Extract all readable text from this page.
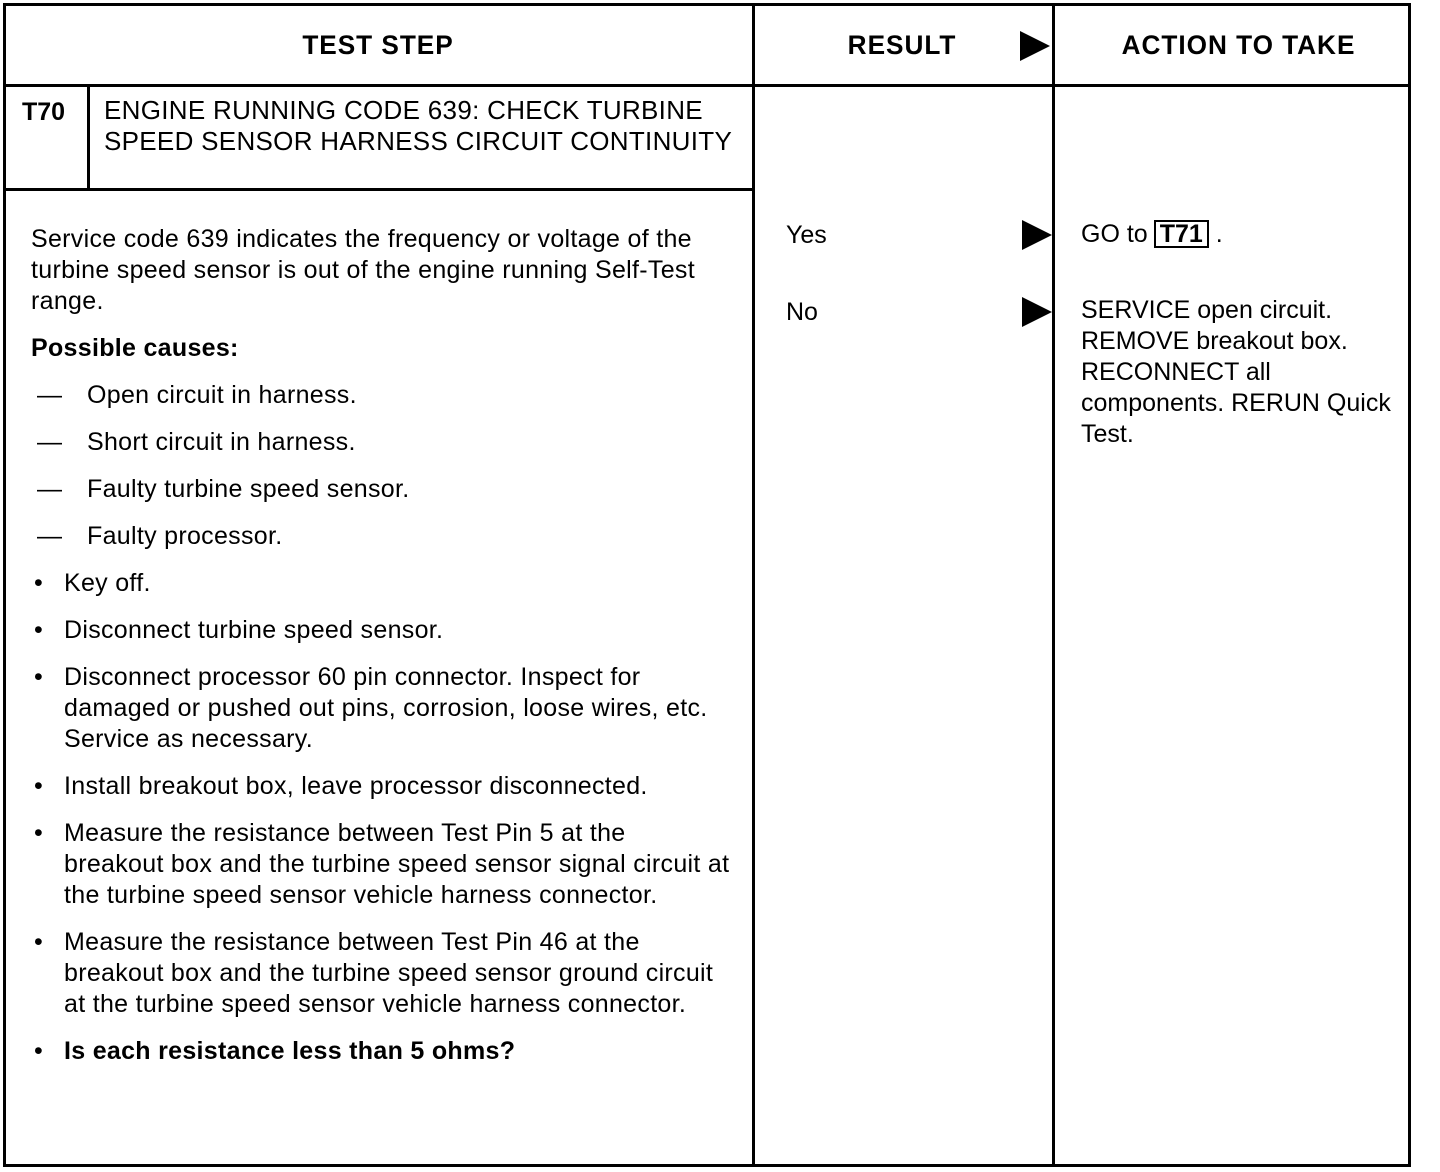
TEST STEP	RESULT	ACTION TO TAKE
T70 ENGINE RUNNING CODE 639: CHECK TURBINE SPEED SENSOR HARNESS CIRCUIT CONTINUITY

Service code 639 indicates the frequency or voltage of the turbine speed sensor is out of the engine running Self-Test range.

Possible causes:

— Open circuit in harness.
— Short circuit in harness.
— Faulty turbine speed sensor.
— Faulty processor.
• Key off.
• Disconnect turbine speed sensor.
• Disconnect processor 60 pin connector. Inspect for damaged or pushed out pins, corrosion, loose wires, etc. Service as necessary.
• Install breakout box, leave processor disconnected.
• Measure the resistance between Test Pin 5 at the breakout box and the turbine speed sensor signal circuit at the turbine speed sensor vehicle harness connector.
• Measure the resistance between Test Pin 46 at the breakout box and the turbine speed sensor ground circuit at the turbine speed sensor vehicle harness connector.
• Is each resistance less than 5 ohms?
Yes
No
GO to T71 .
SERVICE open circuit. REMOVE breakout box. RECONNECT all components. RERUN Quick Test.
